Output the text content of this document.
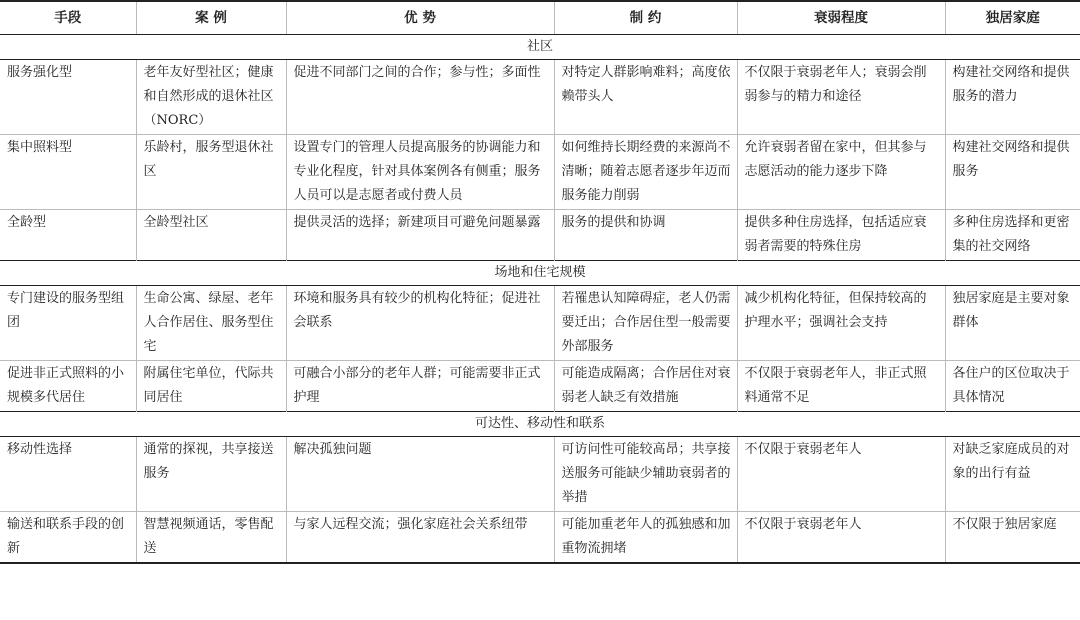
手段	案 例	优 势	制 约	衰弱程度	独居家庭
社区					
服务强化型	老年友好型社区；健康和自然形成的退休社区（NORC）	促进不同部门之间的合作；参与性；多面性	对特定人群影响难料；高度依赖带头人	不仅限于衰弱老年人；衰弱会削弱参与的精力和途径	构建社交网络和提供服务的潜力
集中照料型	乐龄村，服务型退休社区	设置专门的管理人员提高服务的协调能力和专业化程度，针对具体案例各有侧重；服务人员可以是志愿者或付费人员	如何维持长期经费的来源尚不清晰；随着志愿者逐步年迈而服务能力削弱	允许衰弱者留在家中，但其参与志愿活动的能力逐步下降	构建社交网络和提供服务
全龄型	全龄型社区	提供灵活的选择；新建项目可避免问题暴露	服务的提供和协调	提供多种住房选择，包括适应衰弱者需要的特殊住房	多种住房选择和更密集的社交网络
场地和住宅规模					
专门建设的服务型组团	生命公寓、绿屋、老年人合作居住、服务型住宅	环境和服务具有较少的机构化特征；促进社会联系	若罹患认知障碍症，老人仍需要迁出；合作居住型一般需要外部服务	减少机构化特征，但保持较高的护理水平；强调社会支持	独居家庭是主要对象群体
促进非正式照料的小规模多代居住	附属住宅单位，代际共同居住	可融合小部分的老年人群；可能需要非正式护理	可能造成隔离；合作居住对衰弱老人缺乏有效措施	不仅限于衰弱老年人，非正式照料通常不足	各住户的区位取决于具体情况
可达性、移动性和联系					
移动性选择	通常的探视，共享接送服务	解决孤独问题	可访问性可能较高昂；共享接送服务可能缺少辅助衰弱者的举措	不仅限于衰弱老年人	对缺乏家庭成员的对象的出行有益
输送和联系手段的创新	智慧视频通话，零售配送	与家人远程交流；强化家庭社会关系纽带	可能加重老年人的孤独感和加重物流拥堵	不仅限于衰弱老年人	不仅限于独居家庭
